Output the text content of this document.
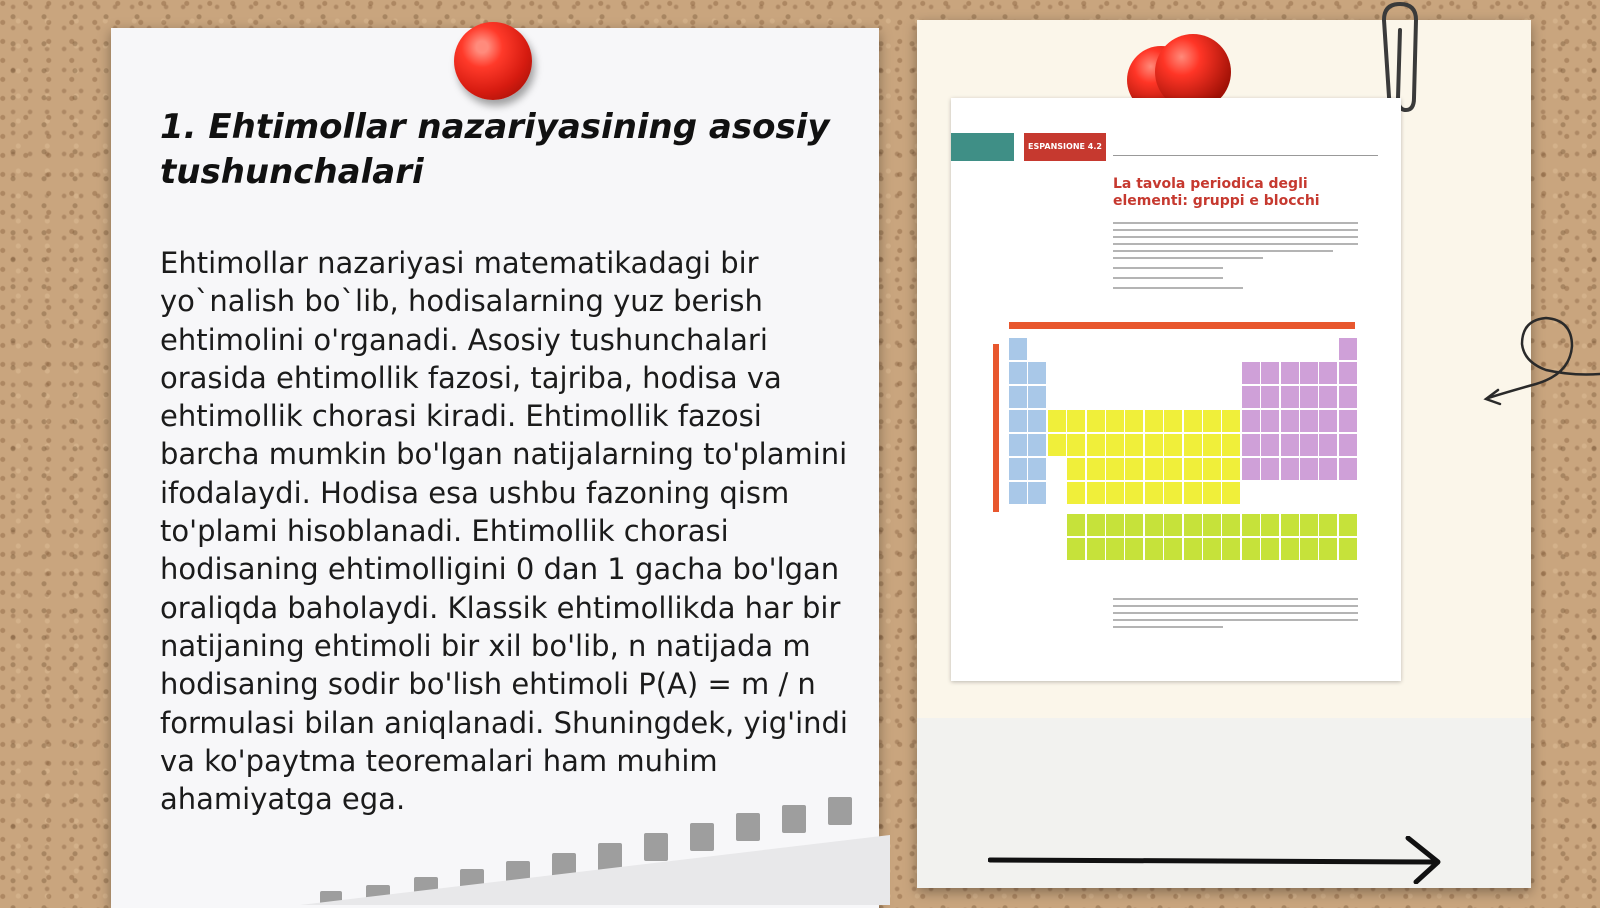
1. Ehtimollar nazariyasining asosiy tushunchalari
Ehtimollar nazariyasi matematikadagi bir yo`nalish bo`lib, hodisalarning yuz berish ehtimolini o'rganadi. Asosiy tushunchalari orasida ehtimollik fazosi, tajriba, hodisa va ehtimollik chorasi kiradi. Ehtimollik fazosi barcha mumkin bo'lgan natijalarning to'plamini ifodalaydi. Hodisa esa ushbu fazoning qism to'plami hisoblanadi. Ehtimollik chorasi hodisaning ehtimolligini 0 dan 1 gacha bo'lgan oraliqda baholaydi. Klassik ehtimollikda har bir natijaning ehtimoli bir xil bo'lib, n natijada m hodisaning sodir bo'lish ehtimoli P(A) = m / n formulasi bilan aniqlanadi. Shuningdek, yig'indi va ko'paytma teoremalari ham muhim ahamiyatga ega.
ESPANSIONE 4.2
La tavola periodica degli elementi: gruppi e blocchi
